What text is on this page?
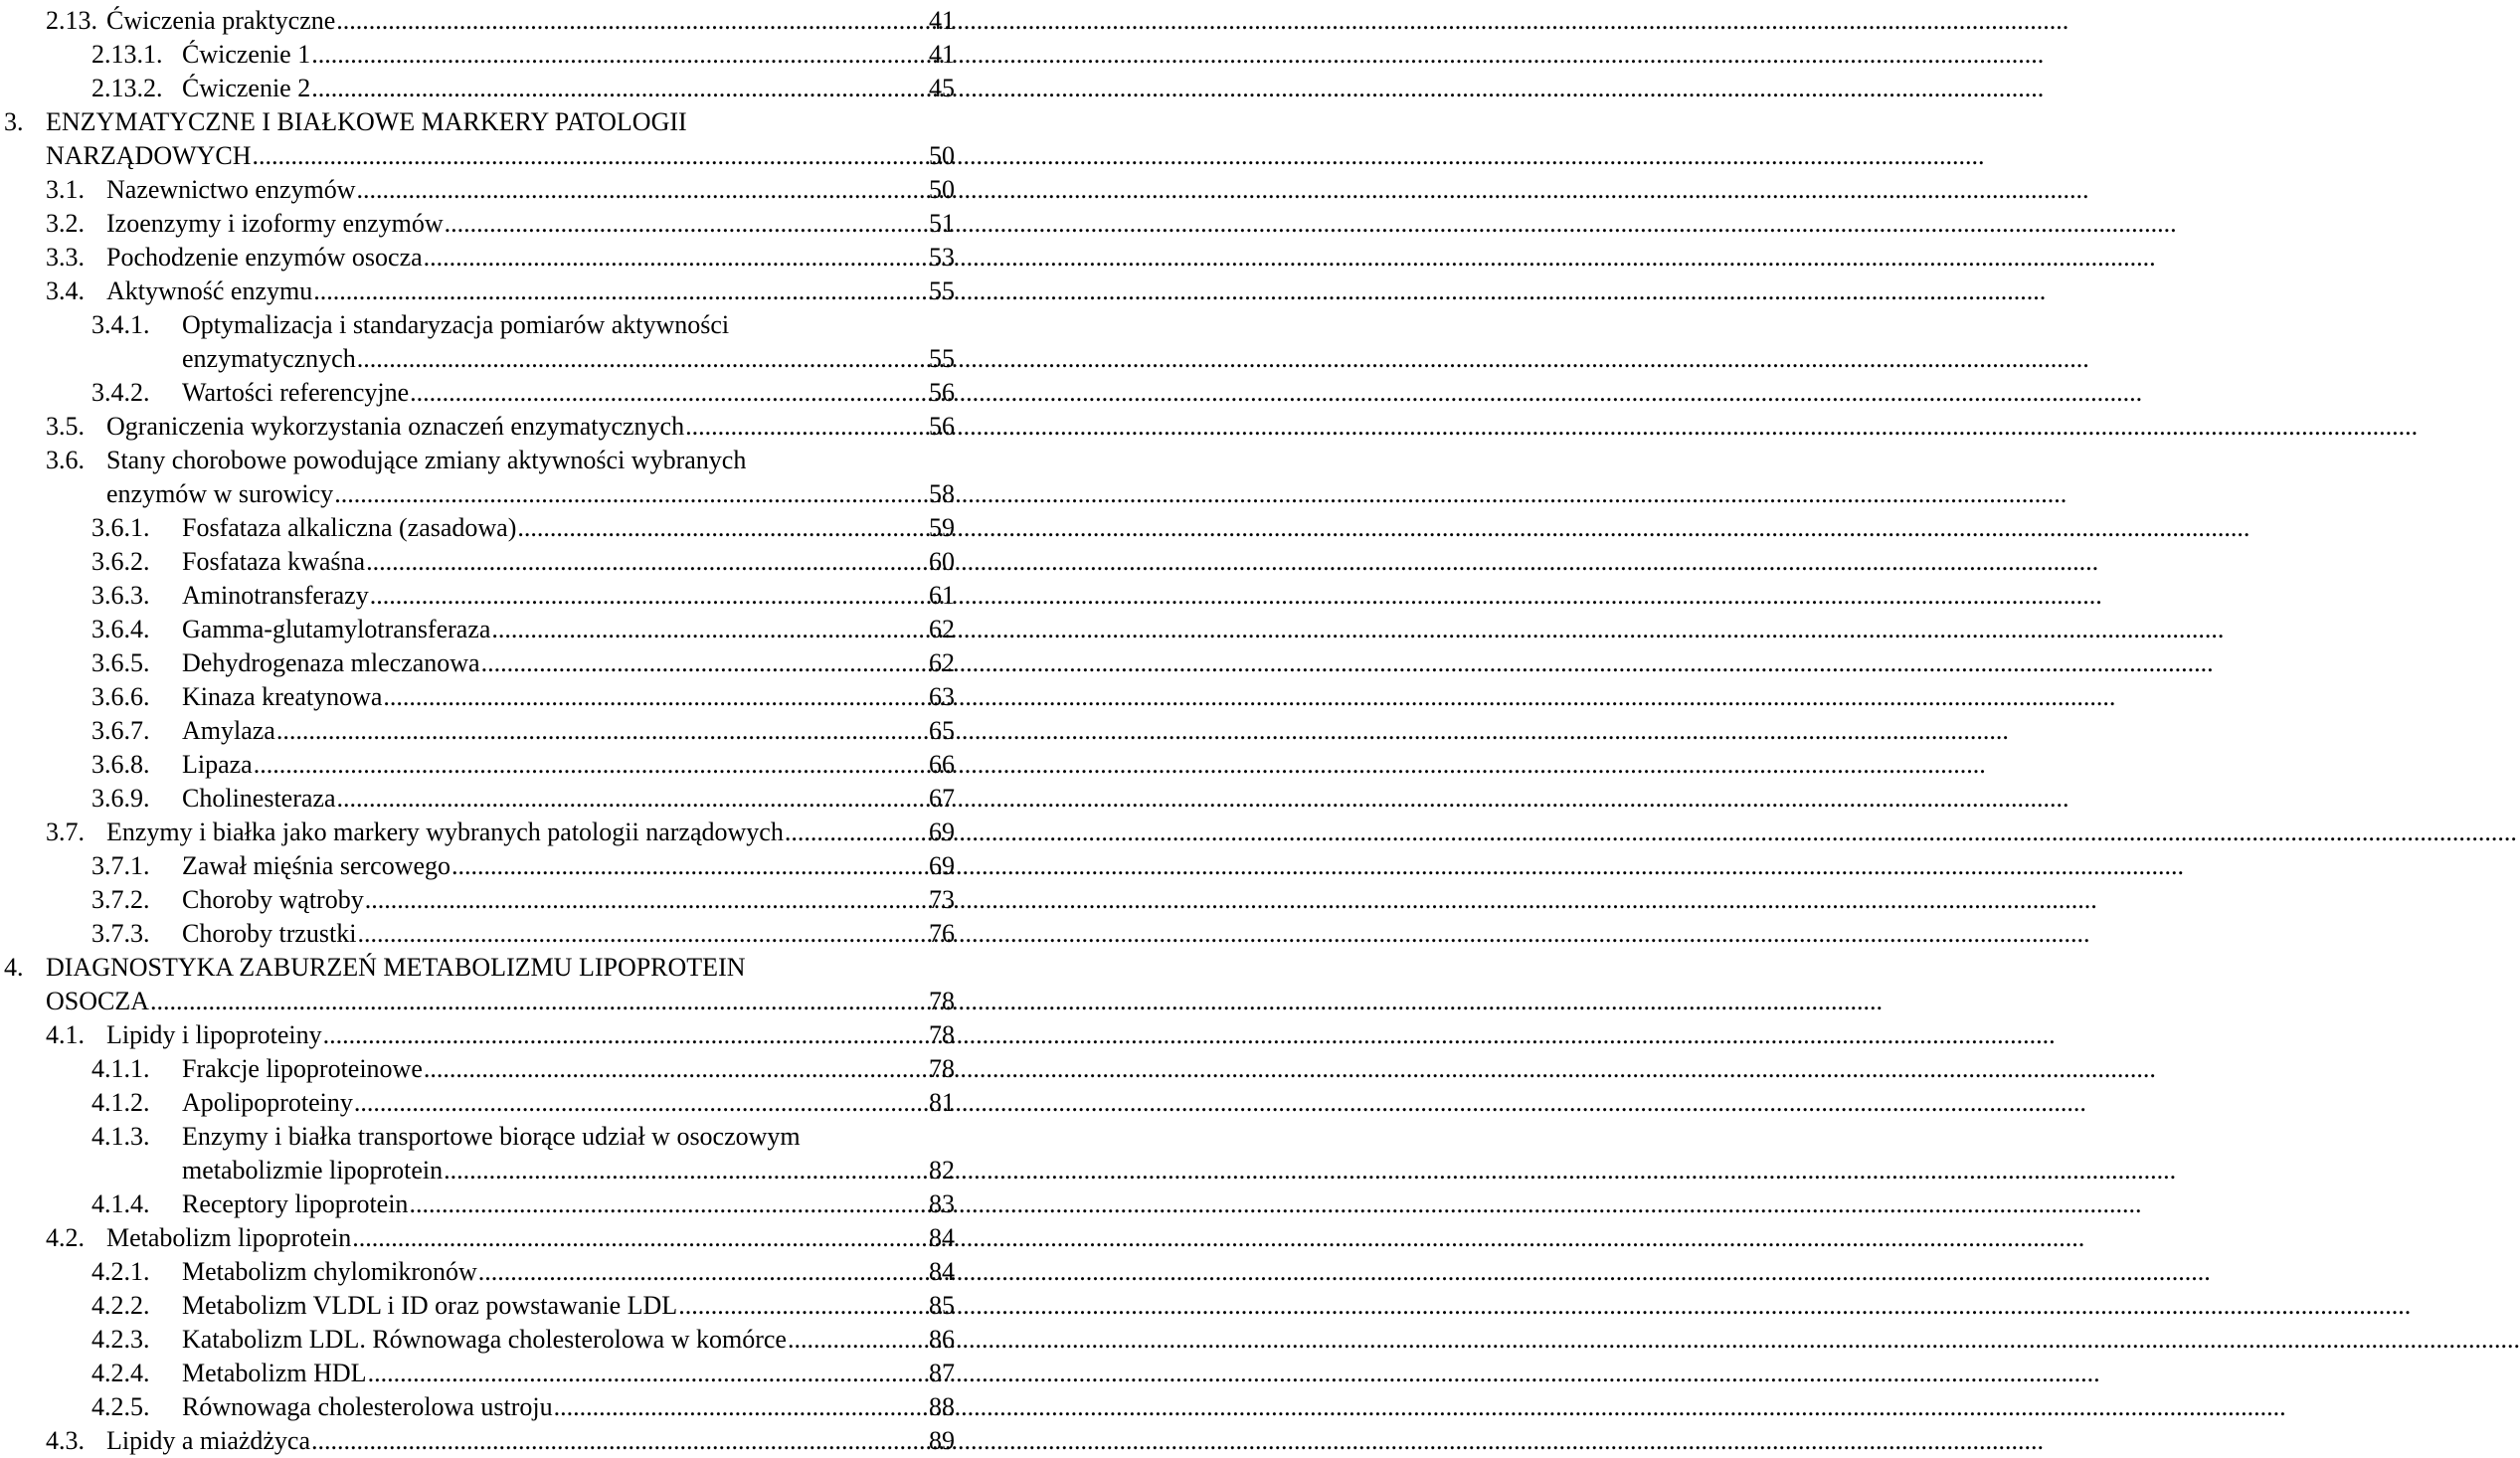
2.13. Ćwiczenia praktyczne .....	41
2.13.1. Ćwiczenie 1 .....	41
2.13.2. Ćwiczenie 2 .....	45
3. ENZYMATYCZNE I BIAŁKOWE MARKERY PATOLOGII
NARZĄDOWYCH .....	50
3.1. Nazewnictwo enzymów .....	50
3.2. Izoenzymy i izoformy enzymów .....	51
3.3. Pochodzenie enzymów osocza .....	53
3.4. Aktywność enzymu .....	55
3.4.1.	Optymalizacja i standaryzacja pomiarów aktywności
enzymatycznych .....	55
3.4.2.	Wartości referencyjne .....	56
3.5. Ograniczenia wykorzystania oznaczeń enzymatycznych .....	56
3.6. Stany chorobowe powodujące zmiany aktywności wybranych
enzymów w surowicy .....	58
3.6.1.	Fosfataza alkaliczna (zasadowa) .....	59
3.6.2.	Fosfataza kwaśna .....	60
3.6.3.	Aminotransferazy .....	61
3.6.4.	Gamma-glutamylotransferaza .....	62
3.6.5.	Dehydrogenaza mleczanowa .....	62
3.6.6.	Kinaza kreatynowa .....	63
3.6.7.	Amylaza .....	65
3.6.8.	Lipaza .....	66
3.6.9.	Cholinesteraza .....	67
3.7. Enzymy i białka jako markery wybranych patologii narządowych .....	69
3.7.1.	Zawał mięśnia sercowego .....	69
3.7.2.	Choroby wątroby .....	73
3.7.3.	Choroby trzustki .....	76
4. DIAGNOSTYKA ZABURZEŃ METABOLIZMU LIPOPROTEIN
OSOCZA .....	78
4.1. Lipidy i lipoproteiny .....	78
4.1.1.	Frakcje lipoproteinowe .....	78
4.1.2.	Apolipoproteiny .....	81
4.1.3.	Enzymy i białka transportowe biorące udział w osoczowym
metabolizmie lipoprotein .....	82
4.1.4.	Receptory lipoprotein .....	83
4.2. Metabolizm lipoprotein .....	84
4.2.1.	Metabolizm chylomikronów .....	84
4.2.2.	Metabolizm VLDL i ID oraz powstawanie LDL .....	85
4.2.3.	Katabolizm LDL. Równowaga cholesterolowa w komórce .....	86
4.2.4.	Metabolizm HDL .....	87
4.2.5.	Równowaga cholesterolowa ustroju .....	88
4.3. Lipidy a miażdżyca .....	89
